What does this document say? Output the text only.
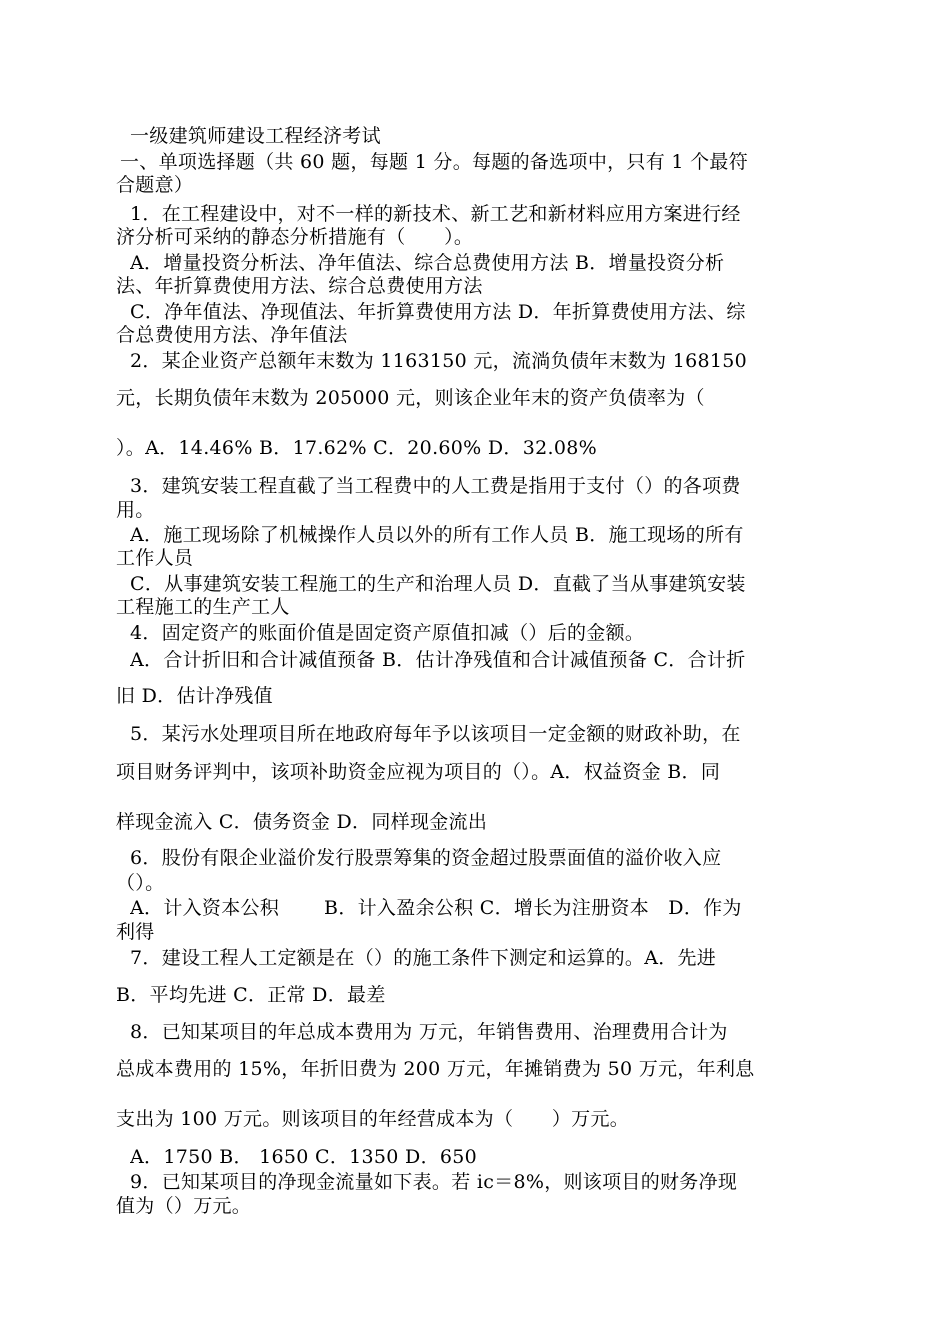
一级建筑师建设工程经济考试
一、单项选择题（共 60 题，每题 1 分。每题的备选项中，只有 1 个最符
合题意）
1．在工程建设中，对不一样的新技术、新工艺和新材料应用方案进行经
济分析可采纳的静态分析措施有（　　）。
A．增量投资分析法、净年值法、综合总费使用方法 B．增量投资分析
法、年折算费使用方法、综合总费使用方法
C．净年值法、净现值法、年折算费使用方法 D．年折算费使用方法、综
合总费使用方法、净年值法
2．某企业资产总额年末数为 1163150 元，流淌负债年末数为 168150
元，长期负债年末数为 205000 元，则该企业年末的资产负债率为（
）。A．14.46% B．17.62% C．20.60% D．32.08%
3．建筑安装工程直截了当工程费中的人工费是指用于支付（）的各项费
用。
A．施工现场除了机械操作人员以外的所有工作人员 B．施工现场的所有
工作人员
C．从事建筑安装工程施工的生产和治理人员 D．直截了当从事建筑安装
工程施工的生产工人
4．固定资产的账面价值是固定资产原值扣减（）后的金额。
A．合计折旧和合计减值预备 B．估计净残值和合计减值预备 C．合计折
旧 D．估计净残值
5．某污水处理项目所在地政府每年予以该项目一定金额的财政补助，在
项目财务评判中，该项补助资金应视为项目的（）。A．权益资金 B．同
样现金流入 C．债务资金 D．同样现金流出
6．股份有限企业溢价发行股票筹集的资金超过股票面值的溢价收入应
（）。
A．计入资本公积　　 B．计入盈余公积 C．增长为注册资本　D．作为
利得
7．建设工程人工定额是在（）的施工条件下测定和运算的。A．先进
B．平均先进 C．正常 D．最差
8．已知某项目的年总成本费用为 万元，年销售费用、治理费用合计为
总成本费用的 15%，年折旧费为 200 万元，年摊销费为 50 万元，年利息
支出为 100 万元。则该项目的年经营成本为（　　）万元。
A．1750 B． 1650 C．1350 D．650
9．已知某项目的净现金流量如下表。若 ic＝8%，则该项目的财务净现
值为（）万元。
